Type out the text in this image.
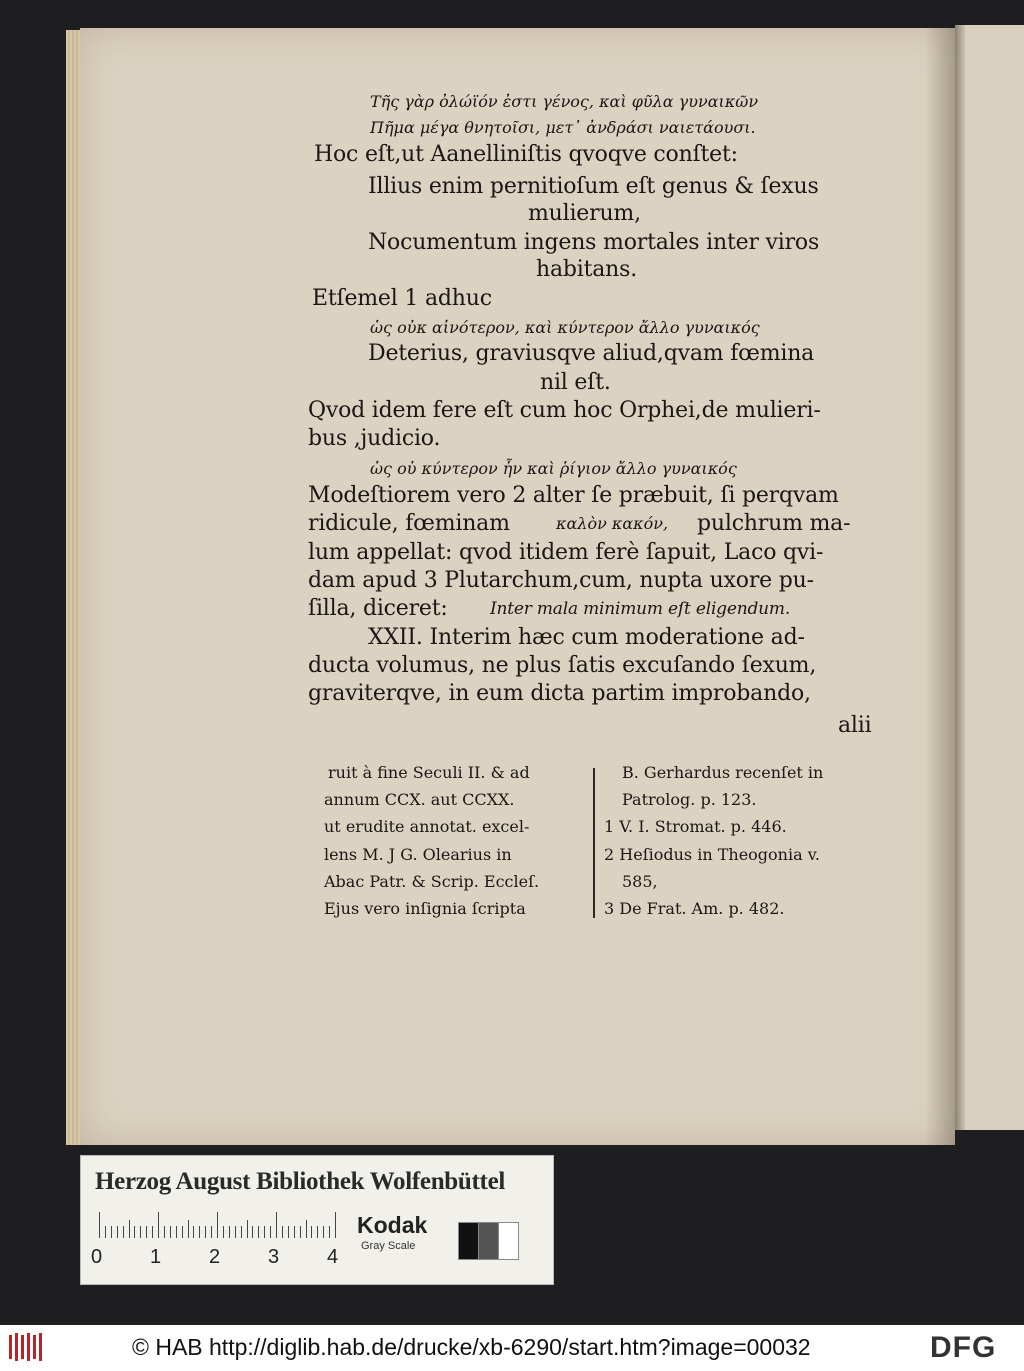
Τῆς γὰρ ὀλώϊόν ἐστι γένος, καὶ φῦλα γυναικῶν
Πῆμα μέγα θνητοῖσι, μετ᾽ ἀνδράσι ναιετάουσι.
Hoc eſt,ut Aanelliniſtis qvoqve conſtet:
Illius enim pernitioſum eſt genus & ſexus
mulierum,
Nocumentum ingens mortales inter viros
habitans.
Etſemel 1 adhuc
ὡς οὐκ αἰνότερον, καὶ κύντερον ἄλλο γυναικός
Deterius, graviusqve aliud,qvam fœmina
nil eſt.
Qvod idem fere eſt cum hoc Orphei,de mulieri-
bus ,judicio.
ὡς οὐ κύντερον ἦν καὶ ῥίγιον ἄλλο γυναικός
Modeſtiorem vero 2 alter ſe præbuit, ſi perqvam
ridicule, fœminam	καλὸν κακόν, pulchrum ma-
lum appellat: qvod itidem ferè ſapuit, Laco qvi-
dam apud 3 Plutarchum,cum, nupta uxore pu-
ſilla, diceret: Inter mala minimum eſt eligendum.
XXII. Interim hæc cum moderatione ad-
ducta volumus, ne plus ſatis excuſando ſexum,
graviterqve, in eum dicta partim improbando,
alii
ruit à fine Seculi II. & ad
annum CCX. aut CCXX.
ut erudite annotat. excel-
lens M. J G. Olearius in
Abac Patr. & Scrip. Eccleſ.
Ejus vero inſignia ſcripta
B. Gerhardus recenſet in
Patrolog. p. 123.
1 V. I. Stromat. p. 446.
2 Heſiodus in Theogonia v.
585,
3 De Frat. Am. p. 482.
Herzog August Bibliothek Wolfenbüttel
0 1 2 3 4
Kodak
Gray Scale
© HAB http://diglib.hab.de/drucke/xb-6290/start.htm?image=00032	DFG
